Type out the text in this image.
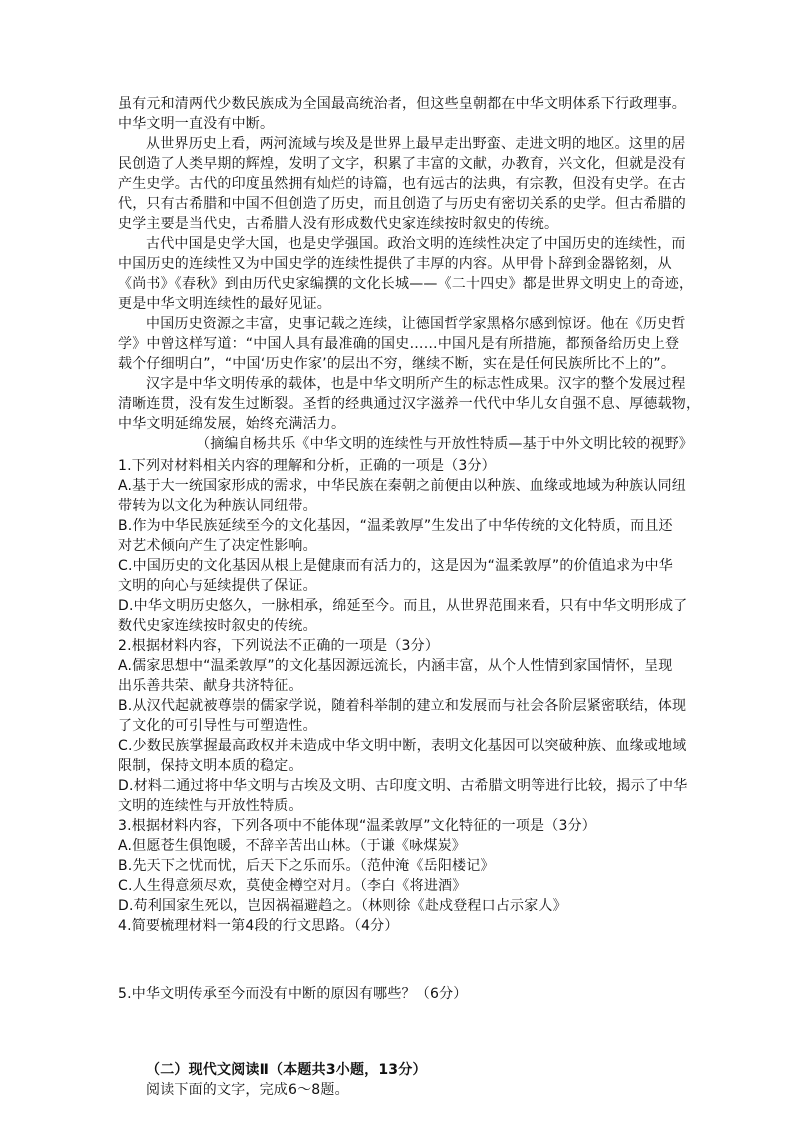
虽有元和清两代少数民族成为全国最高统治者，但这些皇朝都在中华文明体系下行政理事。
中华文明一直没有中断。
从世界历史上看，两河流域与埃及是世界上最早走出野蛮、走进文明的地区。这里的居
民创造了人类早期的辉煌，发明了文字，积累了丰富的文献，办教育，兴文化，但就是没有
产生史学。古代的印度虽然拥有灿烂的诗篇，也有远古的法典，有宗教，但没有史学。在古
代，只有古希腊和中国不但创造了历史，而且创造了与历史有密切关系的史学。但古希腊的
史学主要是当代史，古希腊人没有形成数代史家连续按时叙史的传统。
古代中国是史学大国，也是史学强国。政治文明的连续性决定了中国历史的连续性，而
中国历史的连续性又为中国史学的连续性提供了丰厚的内容。从甲骨卜辞到金器铭刻，从
《尚书》《春秋》到由历代史家编撰的文化长城——《二十四史》都是世界文明史上的奇迹，
更是中华文明连续性的最好见证。
中国历史资源之丰富，史事记载之连续，让德国哲学家黑格尔感到惊讶。他在《历史哲
学》中曾这样写道：“中国人具有最准确的国史……中国凡是有所措施，都预备给历史上登
载个仔细明白”，“中国‘历史作家’的层出不穷，继续不断，实在是任何民族所比不上的”。
汉字是中华文明传承的载体，也是中华文明所产生的标志性成果。汉字的整个发展过程
清晰连贯，没有发生过断裂。圣哲的经典通过汉字滋养一代代中华儿女自强不息、厚德载物，
中华文明延绵发展，始终充满活力。
（摘编自杨共乐《中华文明的连续性与开放性特质—基于中外文明比较的视野》
1.下列对材料相关内容的理解和分析，正确的一项是（3分）
A.基于大一统国家形成的需求，中华民族在秦朝之前便由以种族、血缘或地域为种族认同纽
带转为以文化为种族认同纽带。
B.作为中华民族延续至今的文化基因，“温柔敦厚”生发出了中华传统的文化特质，而且还
对艺术倾向产生了决定性影响。
C.中国历史的文化基因从根上是健康而有活力的，这是因为“温柔敦厚”的价值追求为中华
文明的向心与延续提供了保证。
D.中华文明历史悠久，一脉相承，绵延至今。而且，从世界范围来看，只有中华文明形成了
数代史家连续按时叙史的传统。
2.根据材料内容，下列说法不正确的一项是（3分）
A.儒家思想中“温柔敦厚”的文化基因源远流长，内涵丰富，从个人性情到家国情怀，呈现
出乐善共荣、献身共济特征。
B.从汉代起就被尊崇的儒家学说，随着科举制的建立和发展而与社会各阶层紧密联结，体现
了文化的可引导性与可塑造性。
C.少数民族掌握最高政权并未造成中华文明中断，表明文化基因可以突破种族、血缘或地域
限制，保持文明本质的稳定。
D.材料二通过将中华文明与古埃及文明、古印度文明、古希腊文明等进行比较，揭示了中华
文明的连续性与开放性特质。
3.根据材料内容，下列各项中不能体现“温柔敦厚”文化特征的一项是（3分）
A.但愿苍生俱饱暖，不辞辛苦出山林。（于谦《咏煤炭》
B.先天下之忧而忧，后天下之乐而乐。（范仲淹《岳阳楼记》
C.人生得意须尽欢，莫使金樽空对月。（李白《将进酒》
D.苟利国家生死以，岂因祸福避趋之。（林则徐《赴戍登程口占示家人》
4.简要梳理材料一第4段的行文思路。（4分）
5.中华文明传承至今而没有中断的原因有哪些？（6分）
（二）现代文阅读Ⅱ（本题共3小题，13分）
阅读下面的文字，完成6～8题。
